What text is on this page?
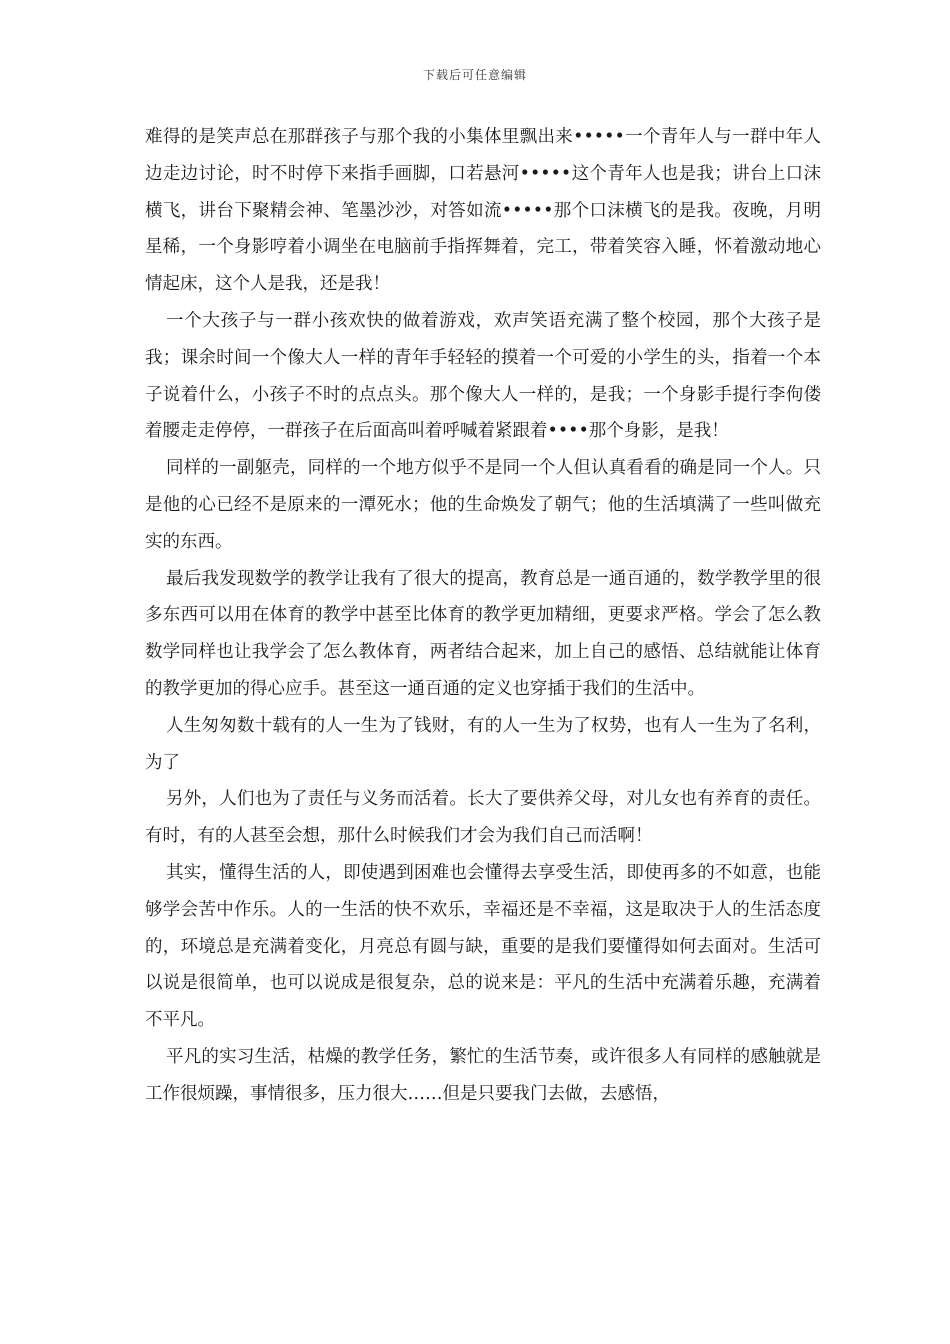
下载后可任意编辑

难得的是笑声总在那群孩子与那个我的小集体里飘出来•••••一个青年人与一群中年人边走边讨论，时不时停下来指手画脚，口若悬河•••••这个青年人也是我；讲台上口沫横飞，讲台下聚精会神、笔墨沙沙，对答如流•••••那个口沫横飞的是我。夜晚，月明星稀，一个身影哼着小调坐在电脑前手指挥舞着，完工，带着笑容入睡，怀着激动地心情起床，这个人是我，还是我！

一个大孩子与一群小孩欢快的做着游戏，欢声笑语充满了整个校园，那个大孩子是我；课余时间一个像大人一样的青年手轻轻的摸着一个可爱的小学生的头，指着一个本子说着什么，小孩子不时的点点头。那个像大人一样的，是我；一个身影手提行李佝偻着腰走走停停，一群孩子在后面高叫着呼喊着紧跟着••••那个身影，是我！

同样的一副躯壳，同样的一个地方似乎不是同一个人但认真看看的确是同一个人。只是他的心已经不是原来的一潭死水；他的生命焕发了朝气；他的生活填满了一些叫做充实的东西。

最后我发现数学的教学让我有了很大的提高，教育总是一通百通的，数学教学里的很多东西可以用在体育的教学中甚至比体育的教学更加精细，更要求严格。学会了怎么教数学同样也让我学会了怎么教体育，两者结合起来，加上自己的感悟、总结就能让体育的教学更加的得心应手。甚至这一通百通的定义也穿插于我们的生活中。

人生匆匆数十载有的人一生为了钱财，有的人一生为了权势，也有人一生为了名利，为了

另外，人们也为了责任与义务而活着。长大了要供养父母，对儿女也有养育的责任。有时，有的人甚至会想，那什么时候我们才会为我们自己而活啊！

其实，懂得生活的人，即使遇到困难也会懂得去享受生活，即使再多的不如意，也能够学会苦中作乐。人的一生活的快不欢乐，幸福还是不幸福，这是取决于人的生活态度的，环境总是充满着变化，月亮总有圆与缺，重要的是我们要懂得如何去面对。生活可以说是很简单，也可以说成是很复杂，总的说来是：平凡的生活中充满着乐趣，充满着不平凡。

平凡的实习生活，枯燥的教学任务，繁忙的生活节奏，或许很多人有同样的感触就是工作很烦躁，事情很多，压力很大……但是只要我门去做，去感悟，
